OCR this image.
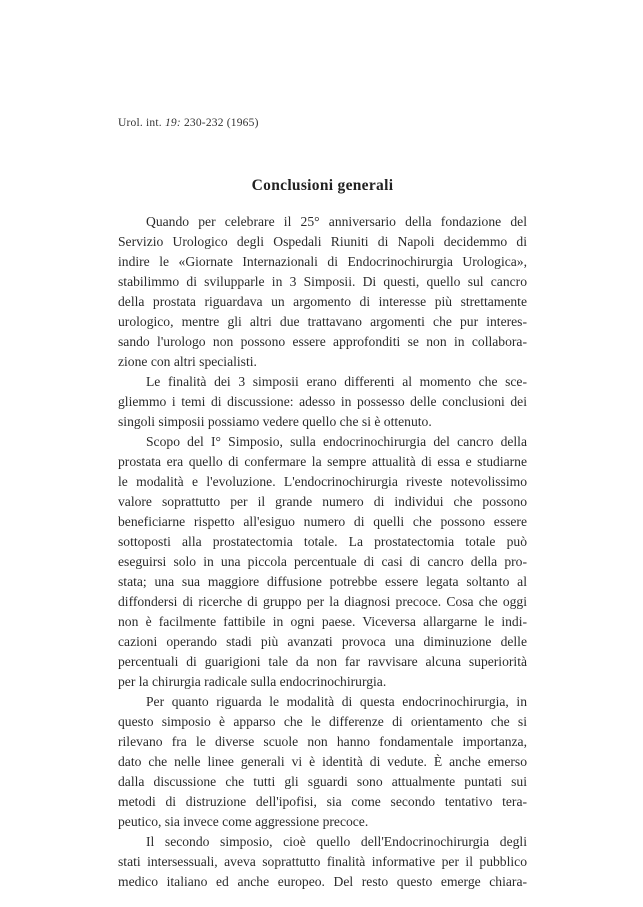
Urol. int. 19: 230-232 (1965)
Conclusioni generali
Quando per celebrare il 25° anniversario della fondazione del
Servizio Urologico degli Ospedali Riuniti di Napoli decidemmo di
indire le «Giornate Internazionali di Endocrinochirurgia Urologica»,
stabilimmo di svilupparle in 3 Simposii. Di questi, quello sul cancro
della prostata riguardava un argomento di interesse più strettamente
urologico, mentre gli altri due trattavano argomenti che pur interes-
sando l'urologo non possono essere approfonditi se non in collabora-
zione con altri specialisti.
Le finalità dei 3 simposii erano differenti al momento che sce-
gliemmo i temi di discussione: adesso in possesso delle conclusioni dei
singoli simposii possiamo vedere quello che si è ottenuto.
Scopo del I° Simposio, sulla endocrinochirurgia del cancro della
prostata era quello di confermare la sempre attualità di essa e studiarne
le modalità e l'evoluzione. L'endocrinochirurgia riveste notevolissimo
valore soprattutto per il grande numero di individui che possono
beneficiarne rispetto all'esiguo numero di quelli che possono essere
sottoposti alla prostatectomia totale. La prostatectomia totale può
eseguirsi solo in una piccola percentuale di casi di cancro della pro-
stata; una sua maggiore diffusione potrebbe essere legata soltanto al
diffondersi di ricerche di gruppo per la diagnosi precoce. Cosa che oggi
non è facilmente fattibile in ogni paese. Viceversa allargarne le indi-
cazioni operando stadi più avanzati provoca una diminuzione delle
percentuali di guarigioni tale da non far ravvisare alcuna superiorità
per la chirurgia radicale sulla endocrinochirurgia.
Per quanto riguarda le modalità di questa endocrinochirurgia, in
questo simposio è apparso che le differenze di orientamento che si
rilevano fra le diverse scuole non hanno fondamentale importanza,
dato che nelle linee generali vi è identità di vedute. È anche emerso
dalla discussione che tutti gli sguardi sono attualmente puntati sui
metodi di distruzione dell'ipofisi, sia come secondo tentativo tera-
peutico, sia invece come aggressione precoce.
Il secondo simposio, cioè quello dell'Endocrinochirurgia degli
stati intersessuali, aveva soprattutto finalità informative per il pubblico
medico italiano ed anche europeo. Del resto questo emerge chiara-
